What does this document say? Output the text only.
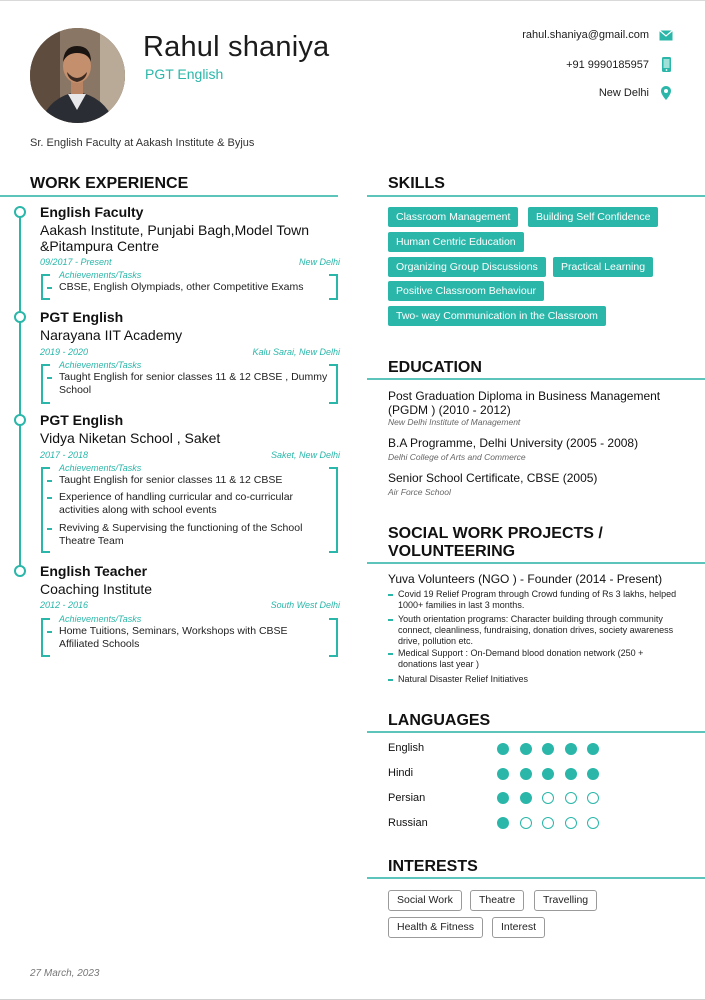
Rahul shaniya
PGT English
rahul.shaniya@gmail.com
+91 9990185957
New Delhi
Sr. English Faculty at Aakash Institute & Byjus
WORK EXPERIENCE
English Faculty
Aakash Institute, Punjabi Bagh,Model Town &Pitampura Centre
09/2017 - Present	New Delhi
Achievements/Tasks
CBSE, English Olympiads, other Competitive Exams
PGT English
Narayana IIT Academy
2019 - 2020	Kalu Sarai, New Delhi
Achievements/Tasks
Taught English for senior classes 11 & 12 CBSE , Dummy School
PGT English
Vidya Niketan School , Saket
2017 - 2018	Saket, New Delhi
Achievements/Tasks
Taught English for senior classes 11 & 12 CBSE
Experience of handling curricular and co-curricular activities along with school events
Reviving & Supervising the functioning of the School Theatre Team
English Teacher
Coaching Institute
2012 - 2016	South West Delhi
Achievements/Tasks
Home Tuitions, Seminars, Workshops with CBSE Affiliated Schools
SKILLS
Classroom Management	Building Self Confidence
Human Centric Education
Organizing Group Discussions	Practical Learning
Positive Classroom Behaviour
Two- way Communication in the Classroom
EDUCATION
Post Graduation Diploma in Business Management (PGDM ) (2010 - 2012)
New Delhi Institute of Management
B.A Programme, Delhi University (2005 - 2008)
Delhi College of Arts and Commerce
Senior School Certificate, CBSE (2005)
Air Force School
SOCIAL WORK PROJECTS /
VOLUNTEERING
Yuva Volunteers (NGO ) - Founder (2014 - Present)
Covid 19 Relief Program through Crowd funding of Rs 3 lakhs, helped 1000+ families in last 3 months.
Youth orientation programs: Character building through community connect, cleanliness, fundraising, donation drives, society awareness drive, pollution etc.
Medical Support : On-Demand blood donation network (250 + donations last year )
Natural Disaster Relief Initiatives
LANGUAGES
English
Hindi
Persian
Russian
INTERESTS
Social Work	Theatre	Travelling
Health & Fitness	Interest
27 March, 2023
